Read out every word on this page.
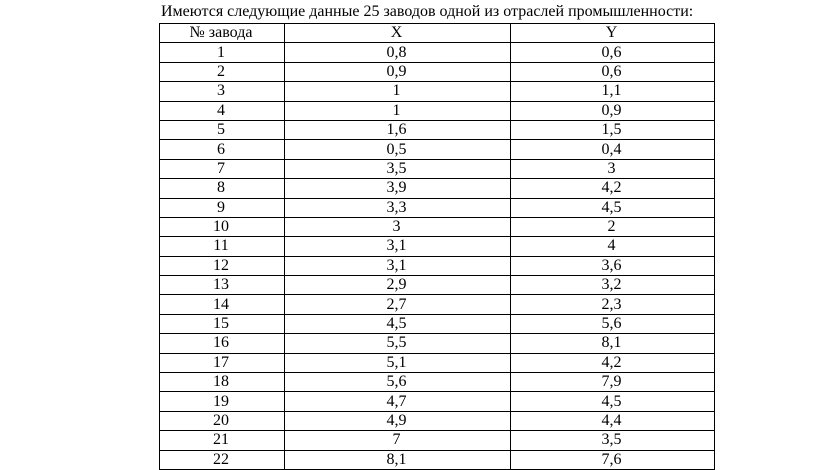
Имеются следующие данные 25 заводов одной из отраслей промышленности:
№ завода	X	Y
1	0,8	0,6
2	0,9	0,6
3	1	1,1
4	1	0,9
5	1,6	1,5
6	0,5	0,4
7	3,5	3
8	3,9	4,2
9	3,3	4,5
10	3	2
11	3,1	4
12	3,1	3,6
13	2,9	3,2
14	2,7	2,3
15	4,5	5,6
16	5,5	8,1
17	5,1	4,2
18	5,6	7,9
19	4,7	4,5
20	4,9	4,4
21	7	3,5
22	8,1	7,6
